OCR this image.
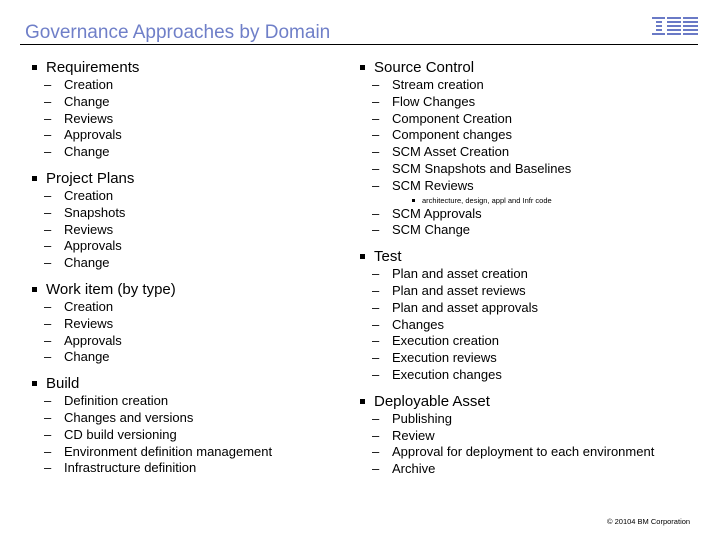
Governance Approaches by Domain
Requirements
– Creation
– Change
– Reviews
– Approvals
– Change
Project Plans
– Creation
– Snapshots
– Reviews
– Approvals
– Change
Work item (by type)
– Creation
– Reviews
– Approvals
– Change
Build
– Definition creation
– Changes and versions
– CD build versioning
– Environment definition management
– Infrastructure definition
Source Control
– Stream creation
– Flow Changes
– Component Creation
– Component changes
– SCM Asset Creation
– SCM Snapshots and Baselines
– SCM Reviews
architecture, design, appl and Infr code
– SCM Approvals
– SCM Change
Test
– Plan and asset creation
– Plan and asset reviews
– Plan and asset approvals
– Changes
– Execution creation
– Execution reviews
– Execution changes
Deployable Asset
– Publishing
– Review
– Approval for deployment to each environment
– Archive
© 20104 BM Corporation
